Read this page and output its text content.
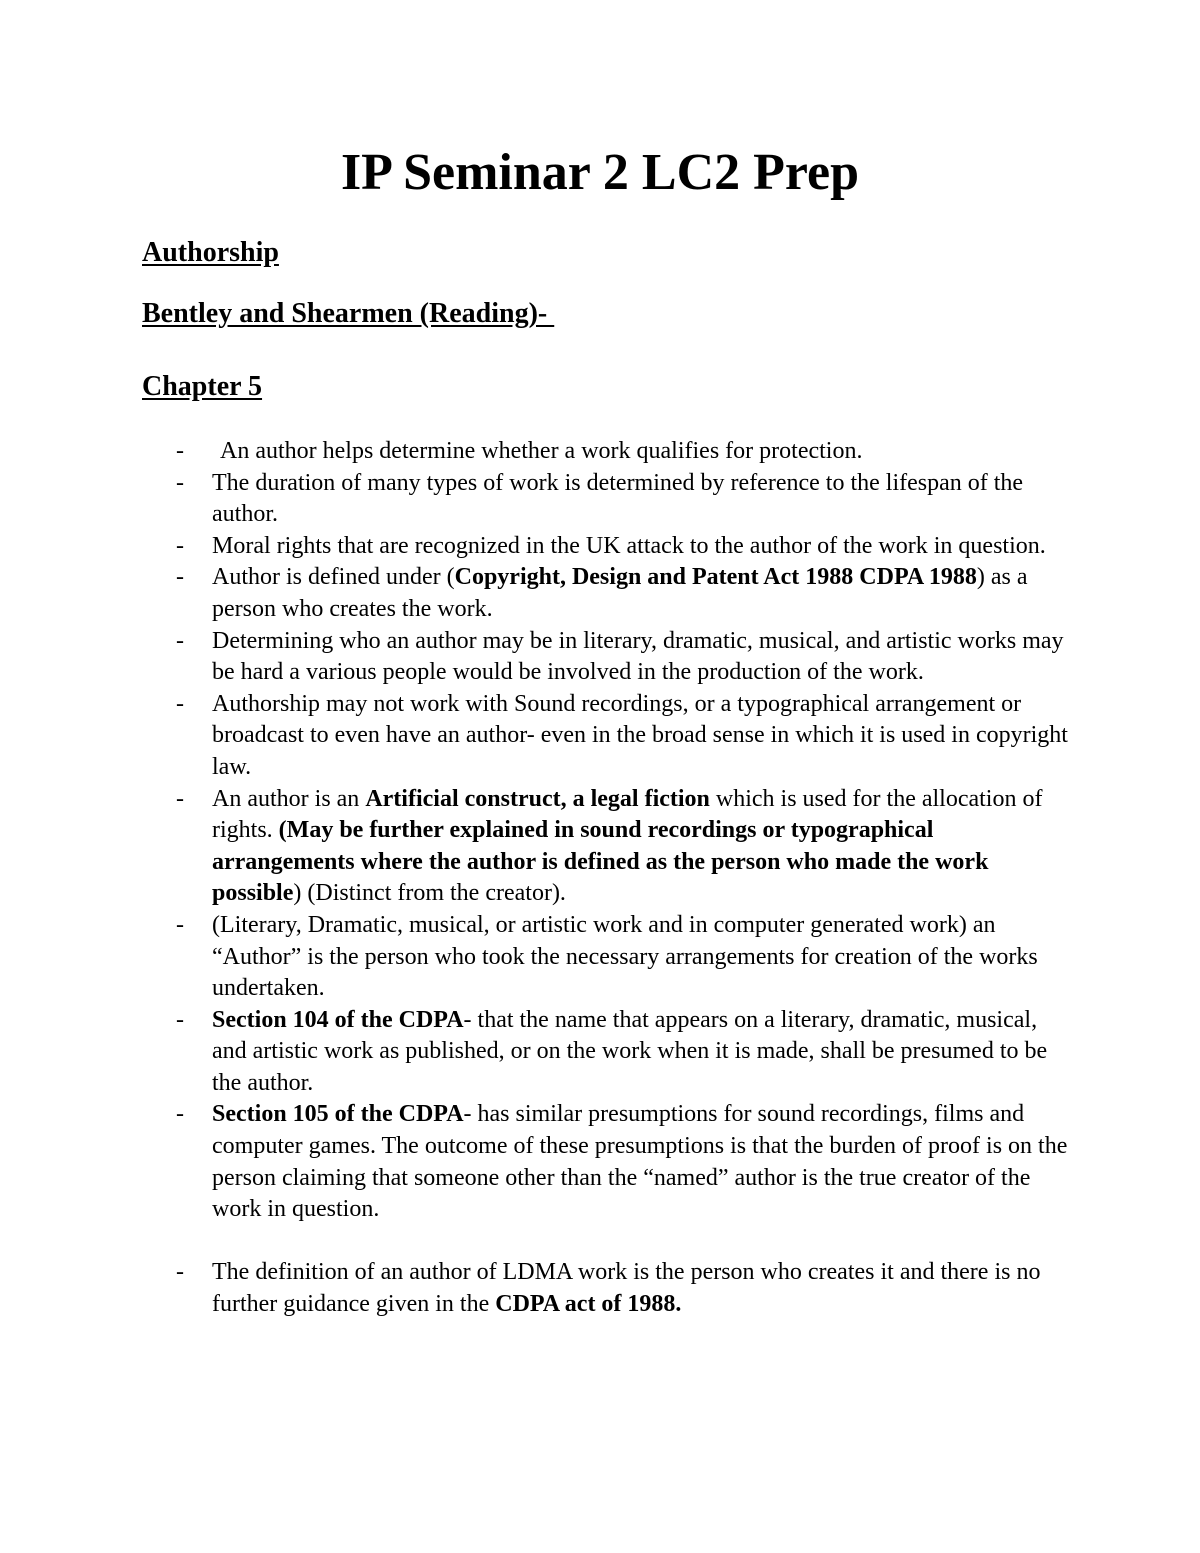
IP Seminar 2 LC2 Prep
Authorship
Bentley and Shearmen (Reading)-
Chapter 5
- An author helps determine whether a work qualifies for protection.
- The duration of many types of work is determined by reference to the lifespan of the author.
- Moral rights that are recognized in the UK attack to the author of the work in question.
- Author is defined under (Copyright, Design and Patent Act 1988 CDPA 1988) as a person who creates the work.
- Determining who an author may be in literary, dramatic, musical, and artistic works may be hard a various people would be involved in the production of the work.
- Authorship may not work with Sound recordings, or a typographical arrangement or broadcast to even have an author- even in the broad sense in which it is used in copyright law.
- An author is an Artificial construct, a legal fiction which is used for the allocation of rights. (May be further explained in sound recordings or typographical arrangements where the author is defined as the person who made the work possible) (Distinct from the creator).
- (Literary, Dramatic, musical, or artistic work and in computer generated work) an “Author” is the person who took the necessary arrangements for creation of the works undertaken.
- Section 104 of the CDPA- that the name that appears on a literary, dramatic, musical, and artistic work as published, or on the work when it is made, shall be presumed to be the author.
- Section 105 of the CDPA- has similar presumptions for sound recordings, films and computer games. The outcome of these presumptions is that the burden of proof is on the person claiming that someone other than the “named” author is the true creator of the work in question.
- The definition of an author of LDMA work is the person who creates it and there is no further guidance given in the CDPA act of 1988.
